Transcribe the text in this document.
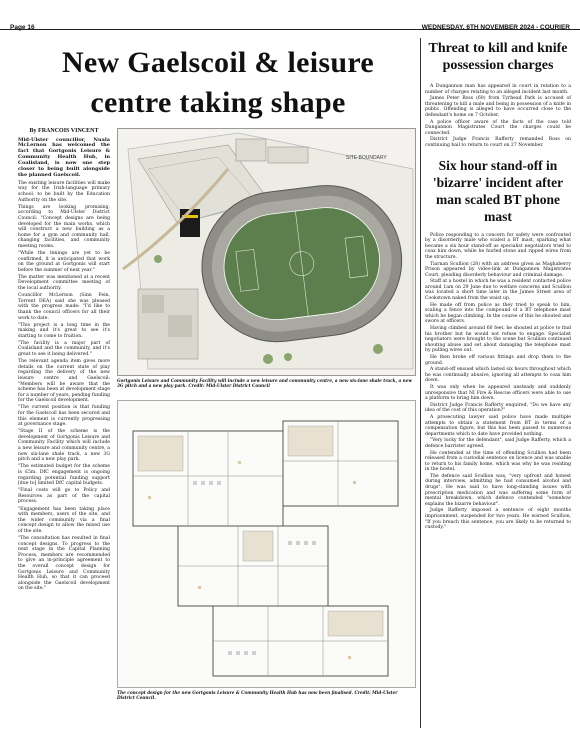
Page 16	WEDNESDAY, 6TH NOVEMBER 2024 - COURIER
New Gaelscoil & leisure centre taking shape
By FRANCOIS VINCENT
Mid-Ulster councillor, Nuala McLernon has welcomed the fact that Gortgonis Leisure & Community Health Hub, in Coalisland, is now one step closer to being built alongside the planned Gaelscoil.

The existing leisure facilities will make way for the Irish-language primary school, to be built by the Education Authority on the site.

Things are looking promising, according to Mid-Ulster District Council: "Concept designs are being developed for the main works, which will construct a new building as a home for a gym and community hall, changing facilities, and community meeting rooms.

"While the timings are yet to be confirmed, it is anticipated that work on the ground at Gortgonis will start before the summer of next year."

The matter was mentioned at a recent Development committee meeting of the local authority.

Councillor McLernon (Sinn Fein, Torrent DEA) said she was pleased with the progress made: "I'd like to thank the council officers for all their work to date.

"This project is a long time in the making and it's great to see it's starting to come to fruition.

"The facility is a major part of Coalisland and the community, and it's great to see it being delivered."

The relevant agenda item gives more details on the current state of play regarding the delivery of the new leisure centre and Gaelscoil: "Members will be aware that the scheme has been at development stage for a number of years, pending funding for the Gaelscoil development.

"The current position is that funding for the Gaelscoil has been secured and this element is currently progressing at governance stage.

"Stage II of the scheme is the development of Gortgonis Leisure and Community Facility which will include a new leisure and community centre, a new six-lane shale track, a new 3G pitch and a new play park.

"The estimated budget for the scheme is £5m. DfC engagement is ongoing regarding potential funding support [due to] limited DfC capital budgets.

"Final costs will go to Policy and Resources as part of the capital process.

"Engagement has been taking place with members, users of the site, and the wider community via a final concept design to allow the mixed use of the site.

"The consultation has resulted in final concept designs. To progress to the next stage in the Capital Planning Process, members are recommended to give an in-principle agreement to the overall concept design for Gortgonis Leisure and Community Health Hub, so that it can proceed alongside the Gaelscoil development on the site."

SITE BOUNDARY
Gortgonis Leisure and Community Facility will include a new leisure and community centre, a new six-lane shale track, a new 3G pitch and a new play park. Credit: Mid-Ulster District Council
The concept design for the new Gortgonis Leisure & Community Health Hub has now been finalised. Credit: Mid-Ulster District Council.
Threat to kill and knife possession charges

A Dungannon man has appeared in court in relation to a number of charges relating to an alleged incident last month.

James Peter Ross (60) from Tyrhead Park is accused of threatening to kill a male and being in possession of a knife in public. Offending is alleged to have occurred close to the defendant's home on 7 October.

A police officer aware of the facts of the case told Dungannon Magistrates Court the charges could be connected.

District Judge Francis Rafferty remanded Ross on continuing bail to return to court on 27 November.

Six hour stand-off in 'bizarre' incident after man scaled BT phone mast

Police responding to a concern for safety were confronted by a disorderly male who scaled a BT mast, sparking what became a six hour stand-off as specialist negotiators tried to coax him down, while he hurled stone and ripped wires from the structure.

Tiarnan Scullion (28) with an address given as Maghaberry Prison appeared by video-link at Dungannon Magistrates Court, pleading disorderly behaviour and criminal damage.

Staff at a hostel in which he was a resident contacted police around 1am on 29 June due to welfare concerns and Scullion was located a short time later in the James Street area of Cookstown naked from the waist up.

He made off from police as they tried to speak to him, scaling a fence into the compound of a BT telephone mast which he began climbing. In the course of this he shouted and swore at officers.

Having climbed around 60 feet, he shouted at police to find his brother but he would not refuse to engage. Specialist negotiators were brought to the scene but Scullion continued shouting abuse and set about damaging the telephone mast by pulling wires out.

He then broke off various fittings and drop them to the ground.

A stand-off ensued which lasted six hours throughout which he was continually abusive, ignoring all attempts to coax him down.

It was only when he appeared unsteady and suddenly unresponsive that NI Fire & Rescue officers were able to use a platform to bring him down.

District Judge Francis Rafferty enquired, "Do we have any idea of the cost of this operation?"

A prosecuting lawyer said police have made multiple attempts to obtain a statement from BT in terms of a compensation figure, but this has been passed to numerous departments which to date have provided nothing.

"Very lucky for the defendant", said Judge Rafferty, which a defence barrister agreed.

He contended at the time of offending Scullion had been released from a custodial sentence on licence and was unable to return to his family home, which was why he was residing in the hostel.

The defence said Scullion was, "very upfront and honest during interview, admitting he had consumed alcohol and drugs". He was said to have long-standing issues with prescription medication and was suffering some form of mental breakdown, which defence contended "somehow explains the bizarre behaviour".

Judge Rafferty imposed a sentence of eight months imprisonment, suspended for two years. He warned Scullion, "If you breach this sentence, you are likely to be returned to custody."
